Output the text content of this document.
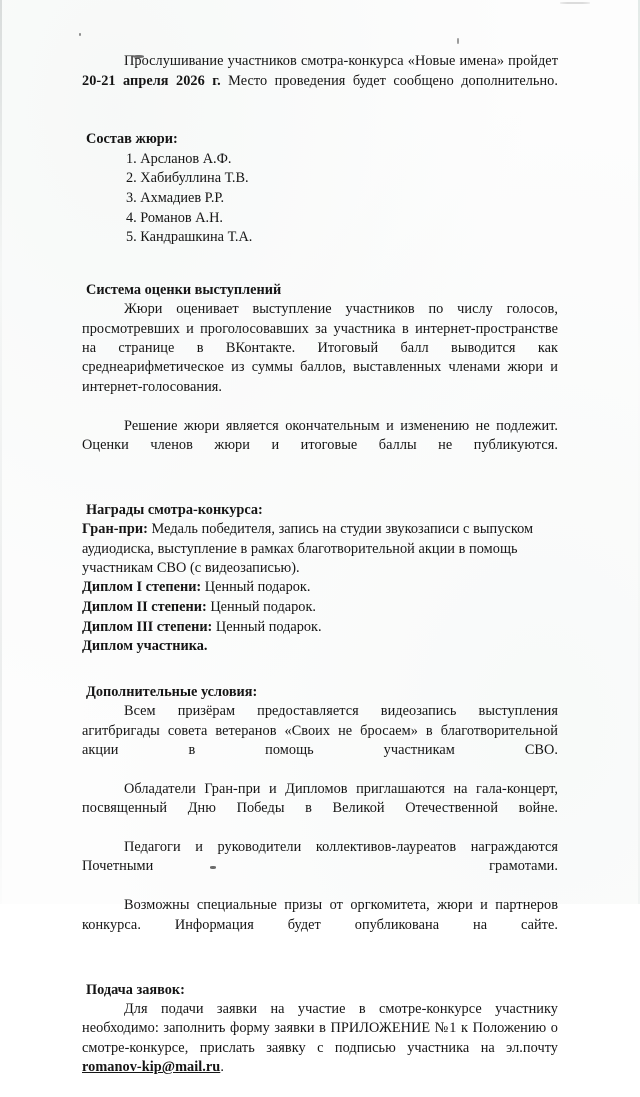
Прослушивание участников смотра-конкурса «Новые имена» пройдет 20-21 апреля 2026 г. Место проведения будет сообщено дополнительно.

Состав жюри:
1. Арсланов А.Ф.
2. Хабибуллина Т.В.
3. Ахмадиев Р.Р.
4. Романов А.Н.
5. Кандрашкина Т.А.
Система оценки выступлений

Жюри оценивает выступление участников по числу голосов, просмотревших и проголосовавших за участника в интернет-пространстве на странице в ВКонтакте. Итоговый балл выводится как среднеарифметическое из суммы баллов, выставленных членами жюри и интернет-голосования.

Решение жюри является окончательным и изменению не подлежит. Оценки членов жюри и итоговые баллы не публикуются.

Награды смотра-конкурса:

Гран-при: Медаль победителя, запись на студии звукозаписи с выпуском аудиодиска, выступление в рамках благотворительной акции в помощь участникам СВО (с видеозаписью).

Диплом I степени: Ценный подарок.
Диплом II степени: Ценный подарок.
Диплом III степени: Ценный подарок.
Диплом участника.
Дополнительные условия:

Всем призёрам предоставляется видеозапись выступления агитбригады совета ветеранов «Своих не бросаем» в благотворительной акции в помощь участникам СВО.

Обладатели Гран-при и Дипломов приглашаются на гала-концерт, посвященный Дню Победы в Великой Отечественной войне.

Педагоги и руководители коллективов-лауреатов награждаются Почетными грамотами.

Возможны специальные призы от оргкомитета, жюри и партнеров конкурса. Информация будет опубликована на сайте.

Подача заявок:

Для подачи заявки на участие в смотре-конкурсе участнику необходимо: заполнить форму заявки в ПРИЛОЖЕНИЕ №1 к Положению о смотре-конкурсе, прислать заявку с подписью участника на эл.почту romanov-kip@mail.ru.
